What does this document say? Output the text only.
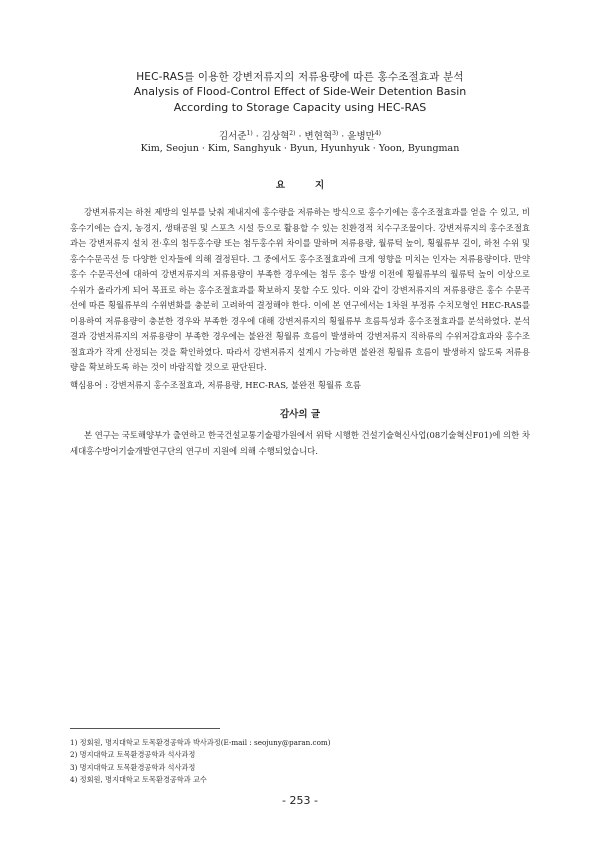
HEC-RAS를 이용한 강변저류지의 저류용량에 따른 홍수조절효과 분석
Analysis of Flood-Control Effect of Side-Weir Detention Basin
According to Storage Capacity using HEC-RAS
김서준$^{1)}$ · 김상혁$^{2)}$ · 변현혁$^{3)}$ · 윤병만$^{4)}$
Kim, Seojun · Kim, Sanghyuk · Byun, Hyunhyuk · Yoon, Byungman
요지

강변저류지는 하천 제방의 일부를 낮춰 제내지에 홍수량을 저류하는 방식으로 홍수기에는 홍수조절효과를 얻을 수 있고, 비홍수기에는 습지, 농경지, 생태공원 및 스포츠 시설 등으로 활용할 수 있는 친환경적 치수구조물이다. 강변저류지의 홍수조절효과는 강변저류지 설치 전·후의 첨두홍수량 또는 첨두홍수위 차이를 말하며 저류용량, 월류턱 높이, 횡월류부 길이, 하천 수위 및 홍수수문곡선 등 다양한 인자들에 의해 결정된다. 그 중에서도 홍수조절효과에 크게 영향을 미치는 인자는 저류용량이다. 만약 홍수 수문곡선에 대하여 강변저류지의 저류용량이 부족한 경우에는 첨두 홍수 발생 이전에 횡월류부의 월류턱 높이 이상으로 수위가 올라가게 되어 목표로 하는 홍수조절효과를 확보하지 못할 수도 있다. 이와 같이 강변저류지의 저류용량은 홍수 수문곡선에 따른 횡월류부의 수위변화를 충분히 고려하여 결정해야 한다. 이에 본 연구에서는 1차원 부정류 수치모형인 HEC-RAS를 이용하여 저류용량이 충분한 경우와 부족한 경우에 대해 강변저류지의 횡월류부 흐름특성과 홍수조절효과를 분석하였다. 분석 결과 강변저류지의 저류용량이 부족한 경우에는 불완전 횡월류 흐름이 발생하여 강변저류지 직하류의 수위저감효과와 홍수조절효과가 작게 산정되는 것을 확인하였다. 따라서 강변저류지 설계시 가능하면 불완전 횡월류 흐름이 발생하지 않도록 저류용량을 확보하도록 하는 것이 바람직할 것으로 판단된다.

핵심용어 : 강변저류지 홍수조절효과, 저류용량, HEC-RAS, 불완전 횡월류 흐름
감사의 글

본 연구는 국토해양부가 출연하고 한국건설교통기술평가원에서 위탁 시행한 건설기술혁신사업(08기술혁신F01)에 의한 차세대홍수방어기술개발연구단의 연구비 지원에 의해 수행되었습니다.

1) 정회원, 명지대학교 토목환경공학과 박사과정(E-mail : seojuny@paran.com)
2) 명지대학교 토목환경공학과 석사과정
3) 명지대학교 토목환경공학과 석사과정
4) 정회원, 명지대학교 토목환경공학과 교수
- 253 -
